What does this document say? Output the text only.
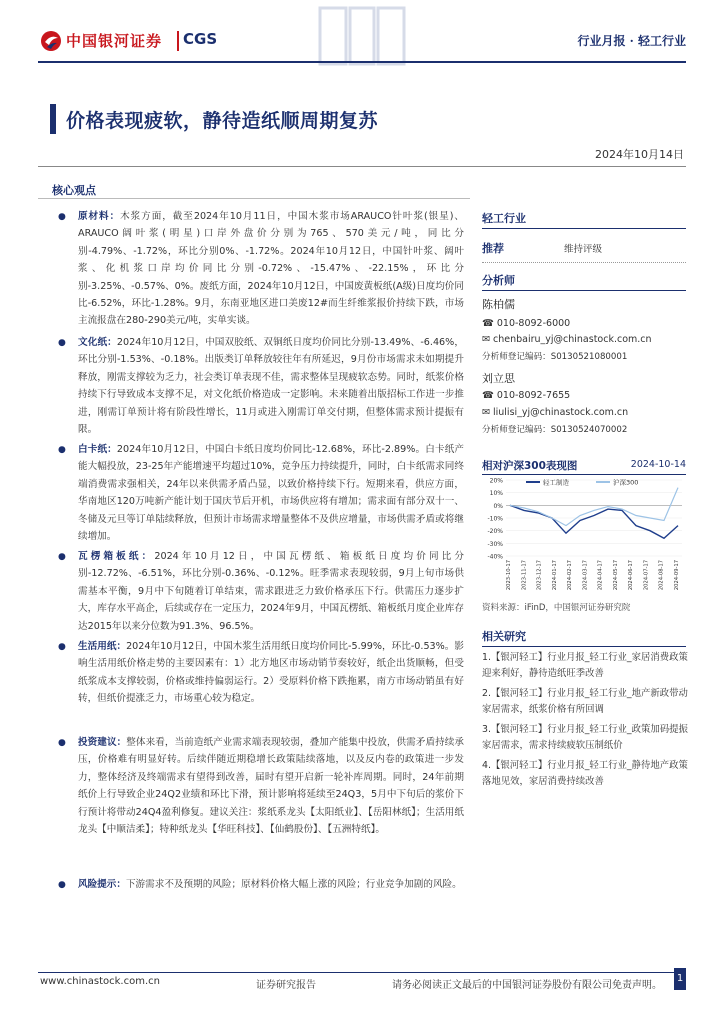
中国银河证券 CGS	行业月报 · 轻工行业
价格表现疲软，静待造纸顺周期复苏
2024年10月14日
核心观点
● 原材料：木浆方面，截至2024年10月11日，中国木浆市场ARAUCO针叶浆(银星)、ARAUCO阔叶浆(明星)口岸外盘价分别为765、570美元/吨，同比分别-4.79%、-1.72%，环比分别0%、-1.72%。2024年10月12日，中国针叶浆、阔叶浆、化机浆口岸均价同比分别-0.72%、-15.47%、-22.15%，环比分别-3.25%、-0.57%、0%。废纸方面，2024年10月12日，中国废黄板纸(A级)日度均价同比-6.52%，环比-1.28%。9月，东南亚地区进口美废12#而生纤维浆报价持续下跌，市场主流报盘在280-290美元/吨，实单实谈。
● 文化纸：2024年10月12日，中国双胶纸、双铜纸日度均价同比分别-13.49%、-6.46%，环比分别-1.53%、-0.18%。出版类订单释放较往年有所延迟，9月份市场需求未如期提升释放，刚需支撑较为乏力，社会类订单表现不佳，需求整体呈现疲软态势。同时，纸浆价格持续下行导致成本支撑不足，对文化纸价格造成一定影响。未来随着出版招标工作进一步推进，刚需订单预计将有阶段性增长，11月或进入刚需订单交付期，但整体需求预计提振有限。
● 白卡纸：2024年10月12日，中国白卡纸日度均价同比-12.68%，环比-2.89%。白卡纸产能大幅投放，23-25年产能增速平均超过10%，竞争压力持续提升，同时，白卡纸需求同终端消费需求强相关，24年以来供需矛盾凸显，以致价格持续下行。短期来看，供应方面，华南地区120万吨新产能计划于国庆节后开机，市场供应将有增加；需求面有部分双十一、冬储及元旦等订单陆续释放，但预计市场需求增量整体不及供应增量，市场供需矛盾或将继续增加。
● 瓦楞箱板纸：2024年10月12日，中国瓦楞纸、箱板纸日度均价同比分别-12.72%、-6.51%，环比分别-0.36%、-0.12%。旺季需求表现较弱，9月上旬市场供需基本平衡，9月中下旬随着订单结束，需求跟进乏力致价格承压下行。供需压力逐步扩大，库存水平高企，后续或存在一定压力，2024年9月，中国瓦楞纸、箱板纸月度企业库存达2015年以来分位数为91.3%、96.5%。
● 生活用纸：2024年10月12日，中国木浆生活用纸日度均价同比-5.99%，环比-0.53%。影响生活用纸价格走势的主要因素有：1）北方地区市场动销节奏较好，纸企出货顺畅，但受纸浆成本支撑较弱，价格或维持偏弱运行。2）受原料价格下跌拖累，南方市场动销虽有好转，但纸价提涨乏力，市场重心较为稳定。
● 投资建议：整体来看，当前造纸产业需求端表现较弱，叠加产能集中投放，供需矛盾持续承压，价格难有明显好转。后续伴随近期稳增长政策陆续落地，以及反内卷的政策进一步发力，整体经济及终端需求有望得到改善，届时有望开启新一轮补库周期。同时，24年前期纸价上行导致企业24Q2业绩和环比下滑，预计影响将延续至24Q3，5月中下旬后的浆价下行预计将带动24Q4盈利修复。建议关注：浆纸系龙头【太阳纸业】、【岳阳林纸】；生活用纸龙头【中顺洁柔】；特种纸龙头【华旺科技】、【仙鹤股份】、【五洲特纸】。
● 风险提示：下游需求不及预期的风险；原材料价格大幅上涨的风险；行业竞争加剧的风险。
轻工行业
推荐	维持评级
分析师
陈柏儒
☎ 010-8092-6000
✉ chenbairu_yj@chinastock.com.cn
分析师登记编码：S0130521080001
刘立思
☎ 010-8092-7655
✉ liulisi_yj@chinastock.com.cn
分析师登记编码：S0130524070002
相对沪深300表现图	2024-10-14
20%
10%
0%
-10%
-20%
-30%
-40%
2023-10-17 2023-11-17 2023-12-17 2024-01-17 2024-02-17 2024-03-17 2024-04-17 2024-05-17 2024-06-17 2024-07-17 2024-08-17 2024-09-17
轻工制造	沪深300
资料来源：iFinD，中国银河证券研究院
相关研究
1.【银河轻工】行业月报_轻工行业_家居消费政策迎来利好，静待造纸旺季改善
2.【银河轻工】行业月报_轻工行业_地产新政带动家居需求，纸浆价格有所回调
3.【银河轻工】行业月报_轻工行业_政策加码提振家居需求，需求持续疲软压制纸价
4.【银河轻工】行业月报_轻工行业_静待地产政策落地见效，家居消费持续改善
www.chinastock.com.cn	证券研究报告	请务必阅读正文最后的中国银河证券股份有限公司免责声明。
1
